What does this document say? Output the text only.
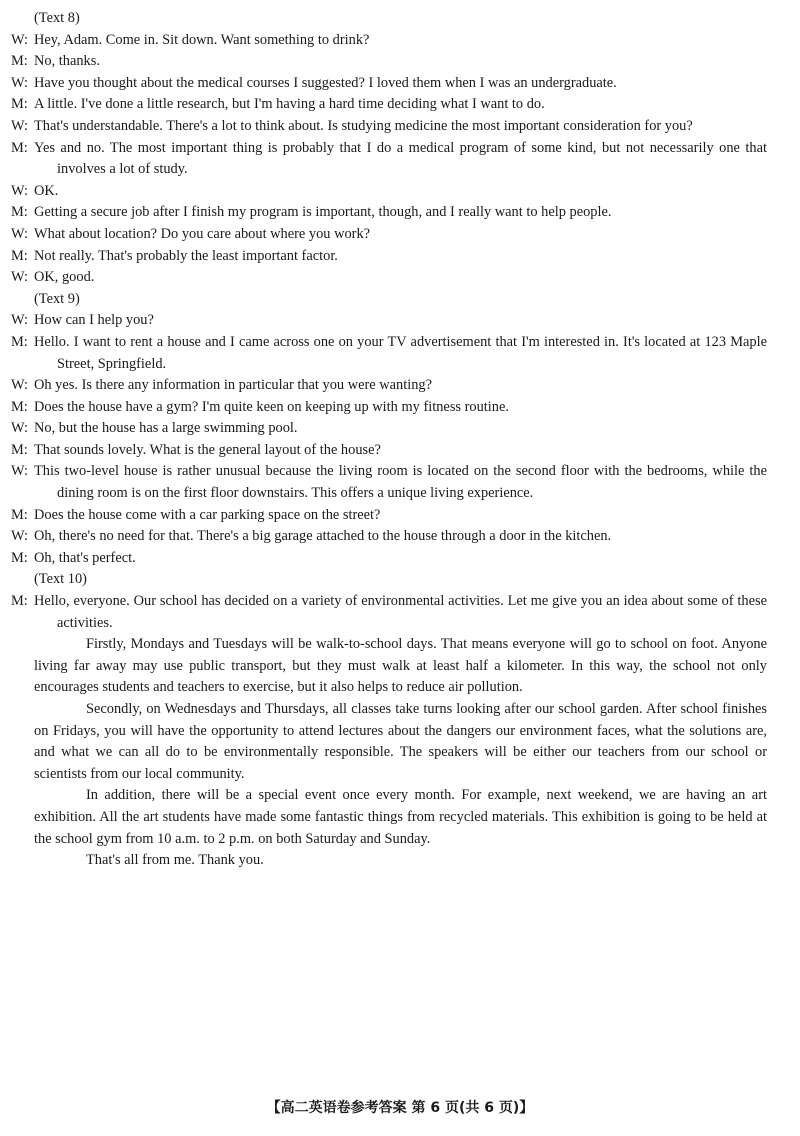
(Text 8)

W: Hey, Adam. Come in. Sit down. Want something to drink?

M: No, thanks.

W: Have you thought about the medical courses I suggested? I loved them when I was an undergraduate.

M: A little. I've done a little research, but I'm having a hard time deciding what I want to do.

W: That's understandable. There's a lot to think about. Is studying medicine the most important consideration for you?

M: Yes and no. The most important thing is probably that I do a medical program of some kind, but not necessarily one that involves a lot of study.

W: OK.

M: Getting a secure job after I finish my program is important, though, and I really want to help people.

W: What about location? Do you care about where you work?

M: Not really. That's probably the least important factor.

W: OK, good.

(Text 9)

W: How can I help you?

M: Hello. I want to rent a house and I came across one on your TV advertisement that I'm interested in. It's located at 123 Maple Street, Springfield.

W: Oh yes. Is there any information in particular that you were wanting?

M: Does the house have a gym? I'm quite keen on keeping up with my fitness routine.

W: No, but the house has a large swimming pool.

M: That sounds lovely. What is the general layout of the house?

W: This two-level house is rather unusual because the living room is located on the second floor with the bedrooms, while the dining room is on the first floor downstairs. This offers a unique living experience.

M: Does the house come with a car parking space on the street?

W: Oh, there's no need for that. There's a big garage attached to the house through a door in the kitchen.

M: Oh, that's perfect.

(Text 10)

M: Hello, everyone. Our school has decided on a variety of environmental activities. Let me give you an idea about some of these activities.

Firstly, Mondays and Tuesdays will be walk-to-school days. That means everyone will go to school on foot. Anyone living far away may use public transport, but they must walk at least half a kilometer. In this way, the school not only encourages students and teachers to exercise, but it also helps to reduce air pollution.

Secondly, on Wednesdays and Thursdays, all classes take turns looking after our school garden. After school finishes on Fridays, you will have the opportunity to attend lectures about the dangers our environment faces, what the solutions are, and what we can all do to be environmentally responsible. The speakers will be either our teachers from our school or scientists from our local community.

In addition, there will be a special event once every month. For example, next weekend, we are having an art exhibition. All the art students have made some fantastic things from recycled materials. This exhibition is going to be held at the school gym from 10 a.m. to 2 p.m. on both Saturday and Sunday.

That's all from me. Thank you.

【高二英语卷参考答案 第 6 页(共 6 页)】
